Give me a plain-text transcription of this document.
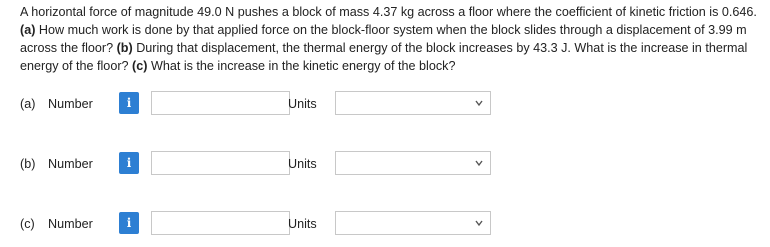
A horizontal force of magnitude 49.0 N pushes a block of mass 4.37 kg across a floor where the coefficient of kinetic friction is 0.646. (a) How much work is done by that applied force on the block-floor system when the block slides through a displacement of 3.99 m across the floor? (b) During that displacement, the thermal energy of the block increases by 43.3 J. What is the increase in thermal energy of the floor? (c) What is the increase in the kinetic energy of the block?
(a) Number	i	Units
(b) Number	i	Units
(c) Number	i	Units
